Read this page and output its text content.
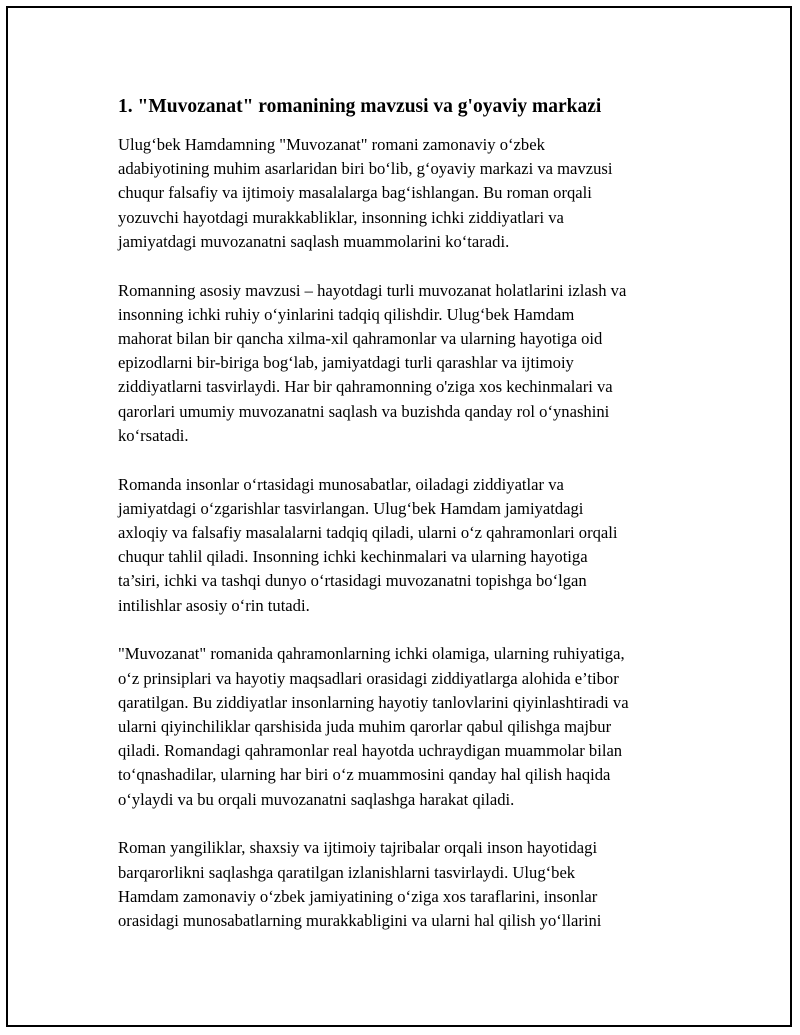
1. "Muvozanat" romanining mavzusi va g'oyaviy markazi

Ulug‘bek Hamdamning "Muvozanat" romani zamonaviy o‘zbek
adabiyotining muhim asarlaridan biri bo‘lib, g‘oyaviy markazi va mavzusi
chuqur falsafiy va ijtimoiy masalalarga bag‘ishlangan. Bu roman orqali
yozuvchi hayotdagi murakkabliklar, insonning ichki ziddiyatlari va
jamiyatdagi muvozanatni saqlash muammolarini ko‘taradi.

Romanning asosiy mavzusi – hayotdagi turli muvozanat holatlarini izlash va
insonning ichki ruhiy o‘yinlarini tadqiq qilishdir. Ulug‘bek Hamdam
mahorat bilan bir qancha xilma-xil qahramonlar va ularning hayotiga oid
epizodlarni bir-biriga bog‘lab, jamiyatdagi turli qarashlar va ijtimoiy
ziddiyatlarni tasvirlaydi. Har bir qahramonning o'ziga xos kechinmalari va
qarorlari umumiy muvozanatni saqlash va buzishda qanday rol o‘ynashini
ko‘rsatadi.

Romanda insonlar o‘rtasidagi munosabatlar, oiladagi ziddiyatlar va
jamiyatdagi o‘zgarishlar tasvirlangan. Ulug‘bek Hamdam jamiyatdagi
axloqiy va falsafiy masalalarni tadqiq qiladi, ularni o‘z qahramonlari orqali
chuqur tahlil qiladi. Insonning ichki kechinmalari va ularning hayotiga
ta’siri, ichki va tashqi dunyo o‘rtasidagi muvozanatni topishga bo‘lgan
intilishlar asosiy o‘rin tutadi.

"Muvozanat" romanida qahramonlarning ichki olamiga, ularning ruhiyatiga,
o‘z prinsiplari va hayotiy maqsadlari orasidagi ziddiyatlarga alohida e’tibor
qaratilgan. Bu ziddiyatlar insonlarning hayotiy tanlovlarini qiyinlashtiradi va
ularni qiyinchiliklar qarshisida juda muhim qarorlar qabul qilishga majbur
qiladi. Romandagi qahramonlar real hayotda uchraydigan muammolar bilan
to‘qnashadilar, ularning har biri o‘z muammosini qanday hal qilish haqida
o‘ylaydi va bu orqali muvozanatni saqlashga harakat qiladi.

Roman yangiliklar, shaxsiy va ijtimoiy tajribalar orqali inson hayotidagi
barqarorlikni saqlashga qaratilgan izlanishlarni tasvirlaydi. Ulug‘bek
Hamdam zamonaviy o‘zbek jamiyatining o‘ziga xos taraflarini, insonlar
orasidagi munosabatlarning murakkabligini va ularni hal qilish yo‘llarini
